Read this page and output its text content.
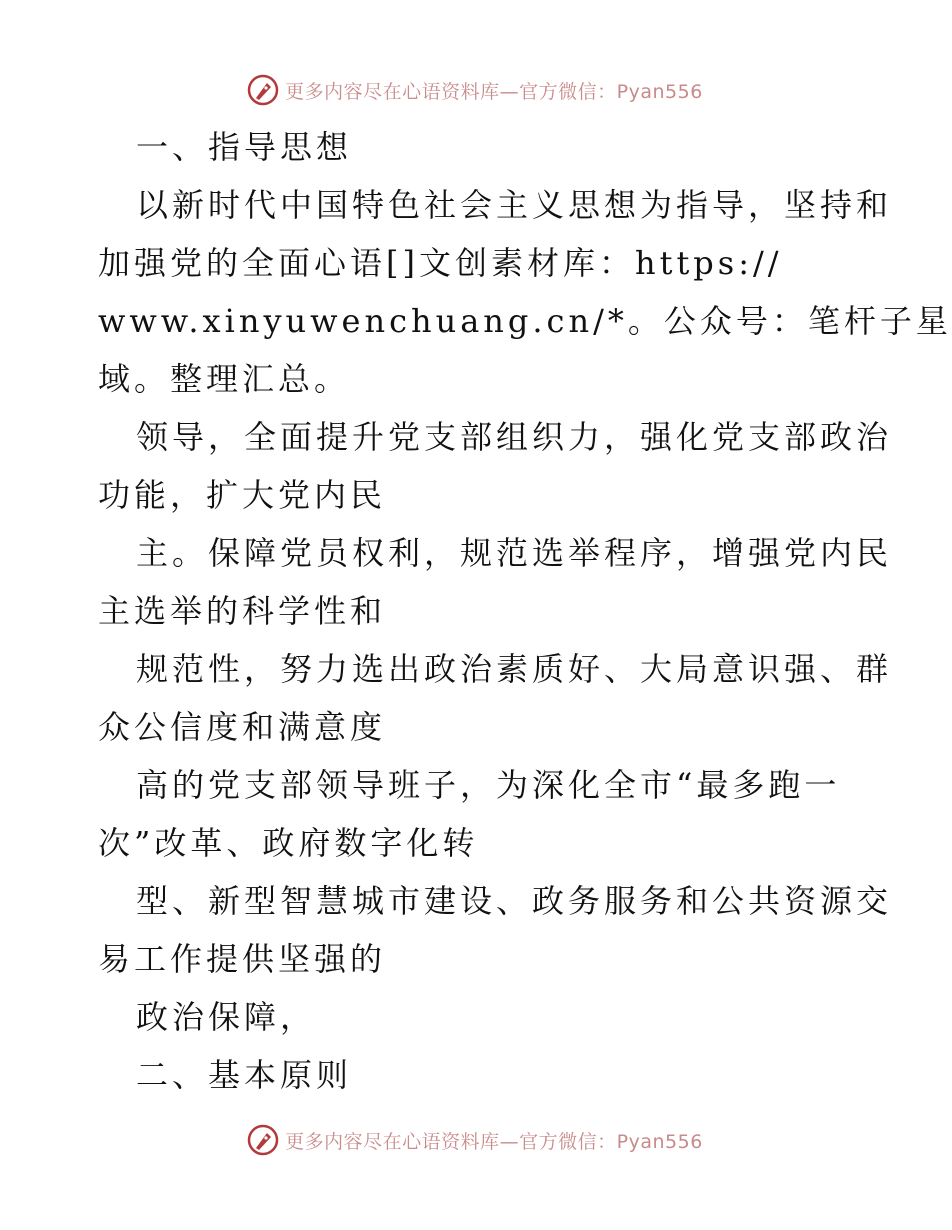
更多内容尽在心语资料库—官方微信：Pyan556
一、指导思想
以新时代中国特色社会主义思想为指导，坚持和
加强党的全面心语[]文创素材库：https://
www.xinyuwenchuang.cn/*。公众号：笔杆子星
域。整理汇总。
领导，全面提升党支部组织力，强化党支部政治
功能，扩大党内民
主。保障党员权利，规范选举程序，增强党内民
主选举的科学性和
规范性，努力选出政治素质好、大局意识强、群
众公信度和满意度
高的党支部领导班子，为深化全市“最多跑一
次”改革、政府数字化转
型、新型智慧城市建设、政务服务和公共资源交
易工作提供坚强的
政治保障，
二、基本原则
更多内容尽在心语资料库—官方微信：Pyan556
